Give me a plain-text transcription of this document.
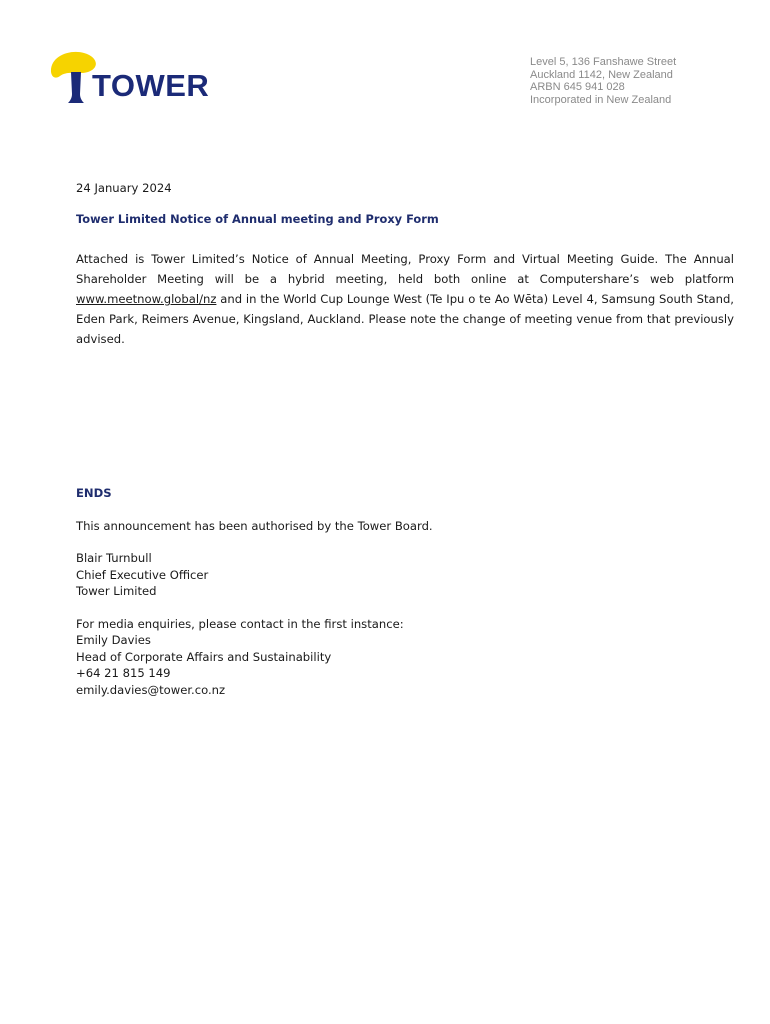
TOWER
Level 5, 136 Fanshawe Street
Auckland 1142, New Zealand
ARBN 645 941 028
Incorporated in New Zealand

24 January 2024

Tower Limited Notice of Annual meeting and Proxy Form

Attached is Tower Limited’s Notice of Annual Meeting, Proxy Form and Virtual Meeting Guide. The Annual Shareholder Meeting will be a hybrid meeting, held both online at Computershare’s web platform www.meetnow.global/nz and in the World Cup Lounge West (Te Ipu o te Ao Wēta) Level 4, Samsung South Stand, Eden Park, Reimers Avenue, Kingsland, Auckland. Please note the change of meeting venue from that previously advised.

ENDS

This announcement has been authorised by the Tower Board.

Blair Turnbull
Chief Executive Officer
Tower Limited
For media enquiries, please contact in the first instance:
Emily Davies
Head of Corporate Affairs and Sustainability
+64 21 815 149
emily.davies@tower.co.nz
